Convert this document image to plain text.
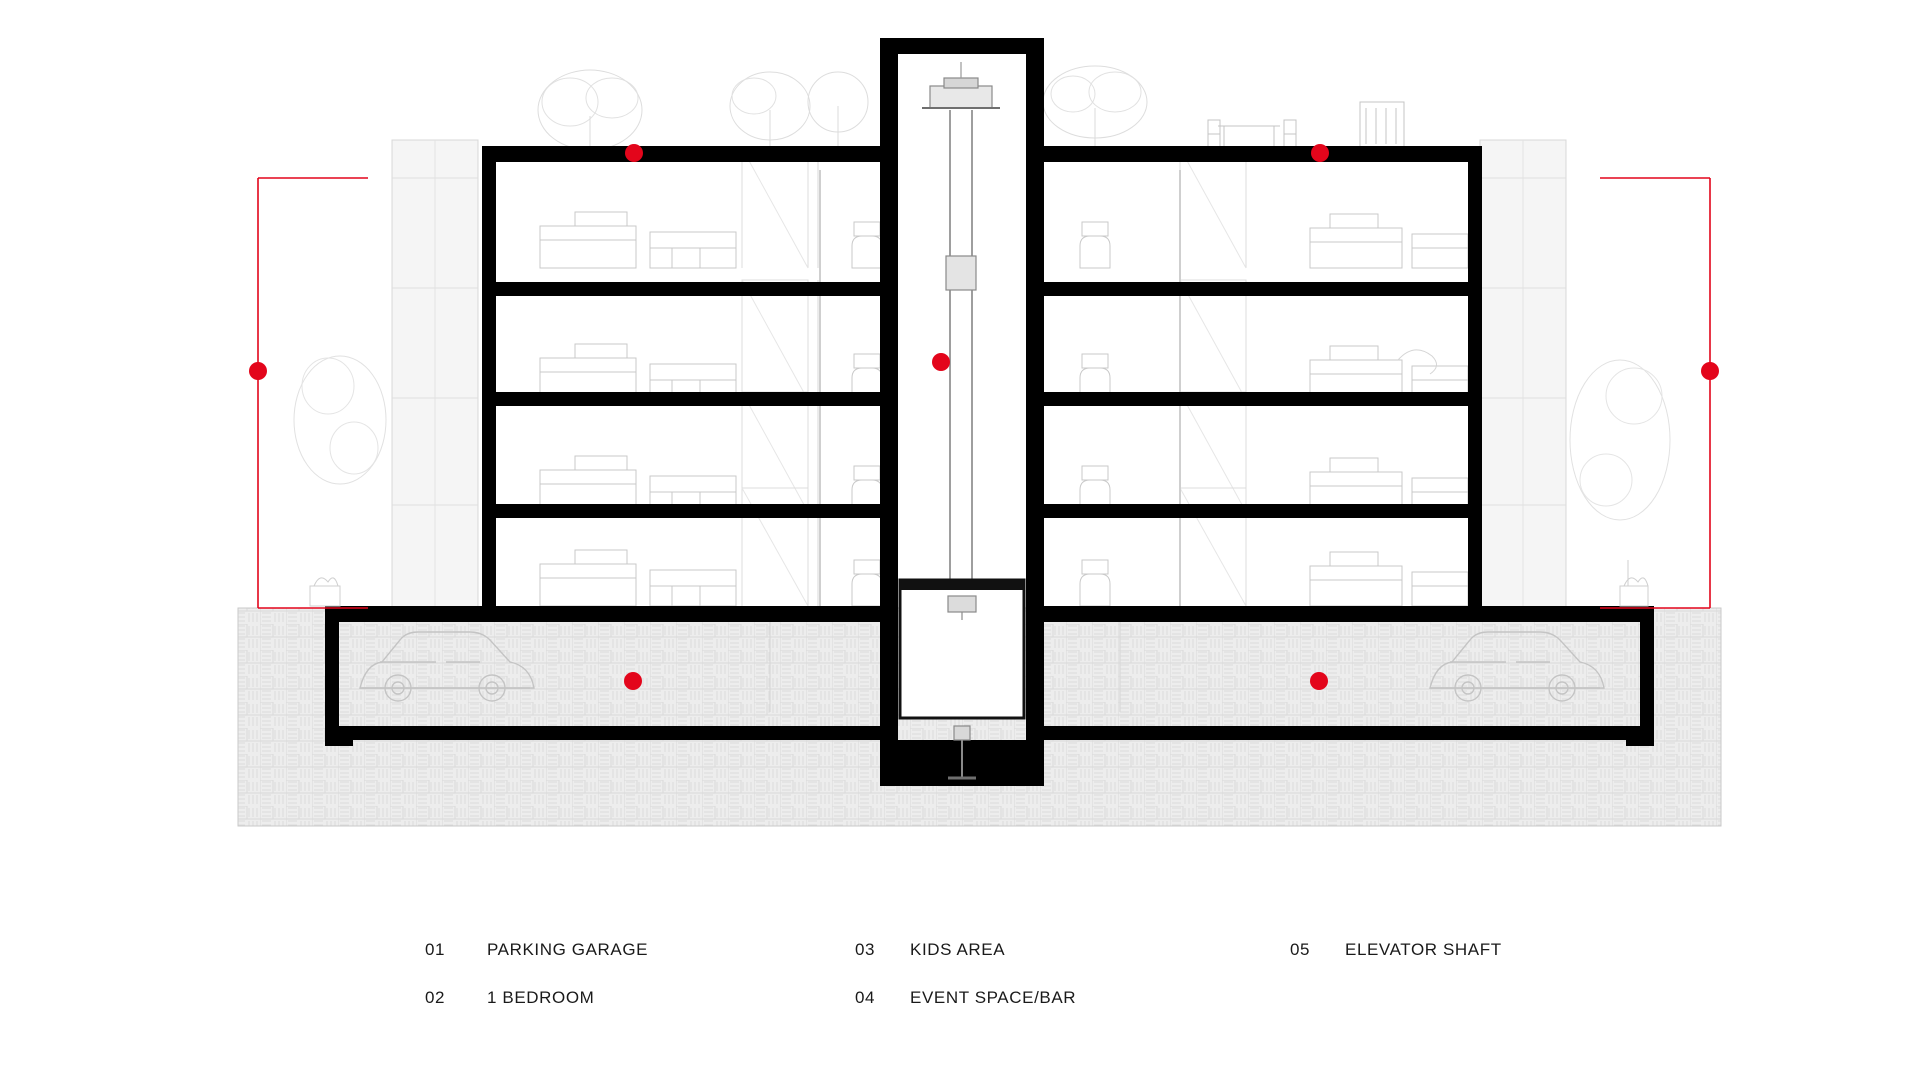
01	PARKING GARAGE
02	1 BEDROOM
03	KIDS AREA
04	EVENT SPACE/BAR
05	ELEVATOR SHAFT
